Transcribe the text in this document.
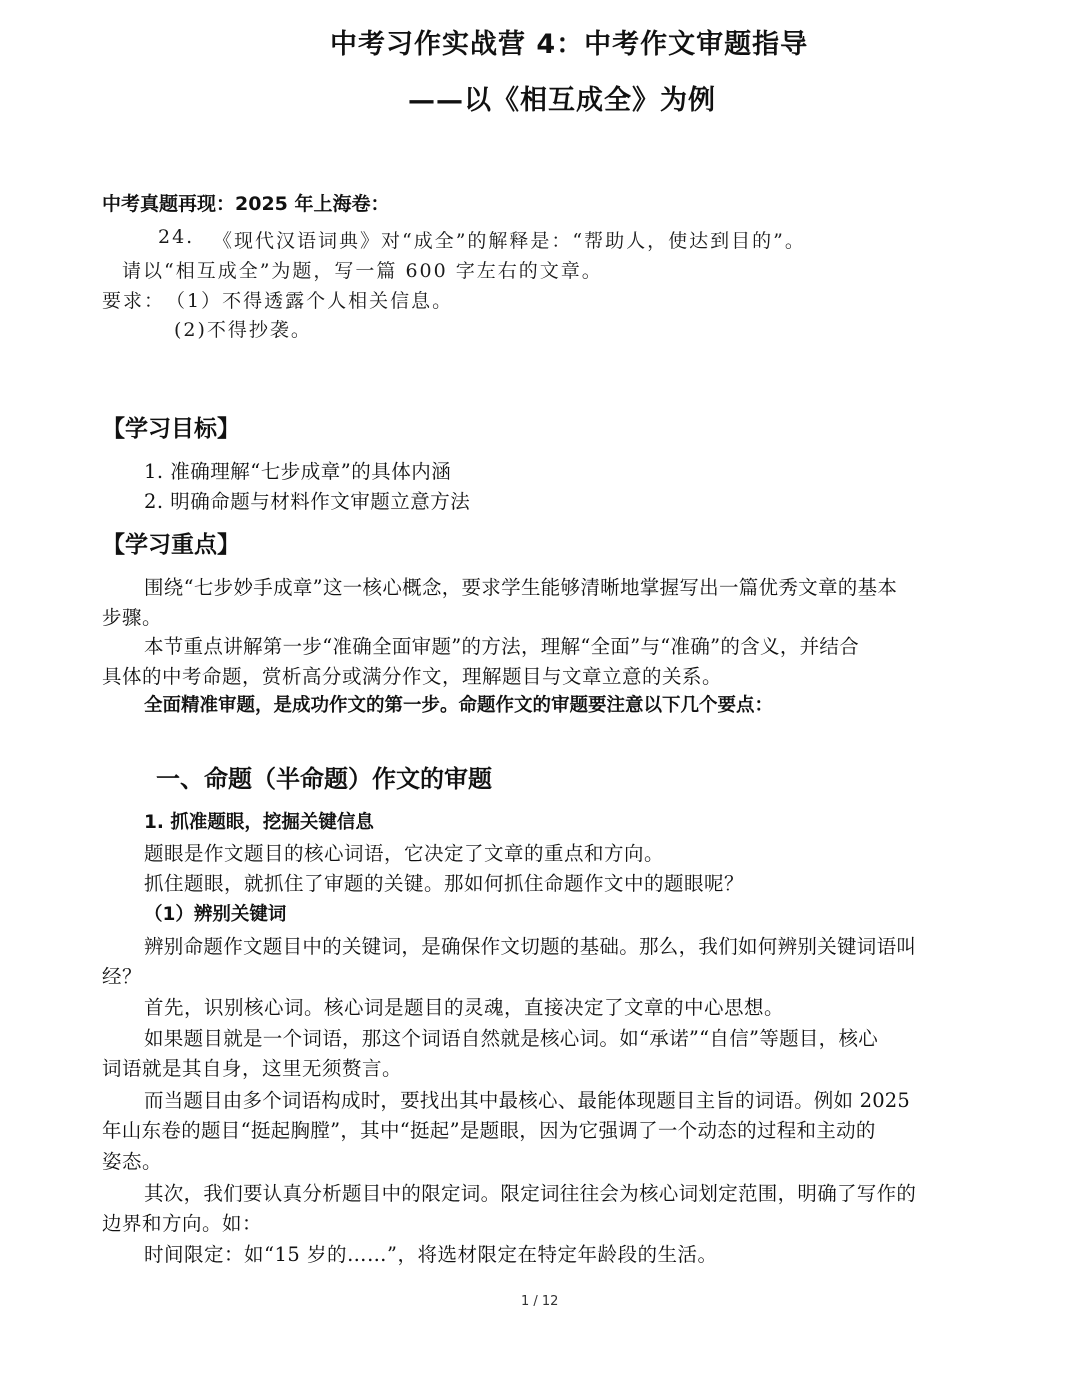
中考习作实战营 4：中考作文审题指导
——以《相互成全》为例
中考真题再现：2025 年上海卷：
24. 《现代汉语词典》对“成全”的解释是：“帮助人，使达到目的”。
请以“相互成全”为题，写一篇 600 字左右的文章。
要求： （1）不得透露个人相关信息。
(2)不得抄袭。
【学习目标】
1. 准确理解“七步成章”的具体内涵
2. 明确命题与材料作文审题立意方法
【学习重点】
围绕“七步妙手成章”这一核心概念，要求学生能够清晰地掌握写出一篇优秀文章的基本
步骤。
本节重点讲解第一步“准确全面审题”的方法，理解“全面”与“准确”的含义，并结合
具体的中考命题，赏析高分或满分作文，理解题目与文章立意的关系。
全面精准审题，是成功作文的第一步。命题作文的审题要注意以下几个要点：
一、命题（半命题）作文的审题
1. 抓准题眼，挖掘关键信息
题眼是作文题目的核心词语，它决定了文章的重点和方向。
抓住题眼，就抓住了审题的关键。那如何抓住命题作文中的题眼呢？
（1）辨别关键词
辨别命题作文题目中的关键词，是确保作文切题的基础。那么，我们如何辨别关键词语叫
经？
首先，识别核心词。核心词是题目的灵魂，直接决定了文章的中心思想。
如果题目就是一个词语，那这个词语自然就是核心词。如“承诺”“自信”等题目，核心
词语就是其自身，这里无须赘言。
而当题目由多个词语构成时，要找出其中最核心、最能体现题目主旨的词语。例如 2025
年山东卷的题目“挺起胸膛”，其中“挺起”是题眼，因为它强调了一个动态的过程和主动的
姿态。
其次，我们要认真分析题目中的限定词。限定词往往会为核心词划定范围，明确了写作的
边界和方向。如：
时间限定：如“15 岁的……”，将选材限定在特定年龄段的生活。
1 / 12
